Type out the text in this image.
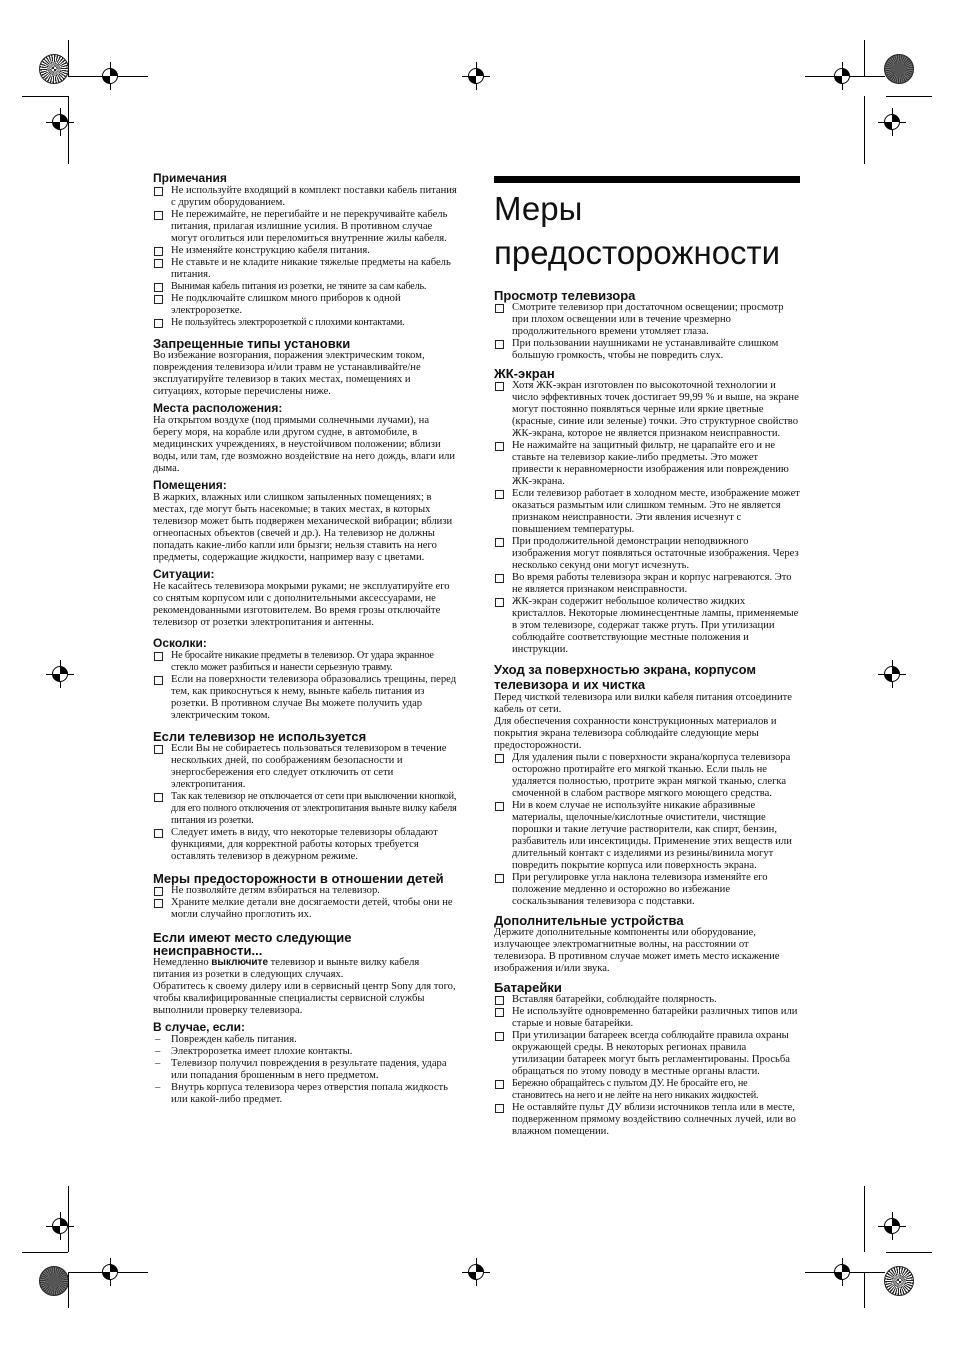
Примечания
Не используйте входящий в комплект поставки кабель питания с другим оборудованием.
Не пережимайте, не перегибайте и не перекручивайте кабель питания, прилагая излишние усилия. В противном случае могут оголиться или переломиться внутренние жилы кабеля.
Не изменяйте конструкцию кабеля питания.
Не ставьте и не кладите никакие тяжелые предметы на кабель питания.
Вынимая кабель питания из розетки, не тяните за сам кабель.
Не подключайте слишком много приборов к одной электророзетке.
Не пользуйтесь электророзеткой с плохими контактами.
Запрещенные типы установки

Во избежание возгорания, поражения электрическим током, повреждения телевизора и/или травм не устанавливайте/не эксплуатируйте телевизор в таких местах, помещениях и ситуациях, которые перечислены ниже.

Места расположения:

На открытом воздухе (под прямыми солнечными лучами), на берегу моря, на корабле или другом судне, в автомобиле, в медицинских учреждениях, в неустойчивом положении; вблизи воды, или там, где возможно воздействие на него дождь, влаги или дыма.

Помещения:

В жарких, влажных или слишком запыленных помещениях; в местах, где могут быть насекомые; в таких местах, в которых телевизор может быть подвержен механической вибрации; вблизи огнеопасных объектов (свечей и др.). На телевизор не должны попадать какие-либо капли или брызги; нельзя ставить на него предметы, содержащие жидкости, например вазу с цветами.

Ситуации:

Не касайтесь телевизора мокрыми руками; не эксплуатируйте его со снятым корпусом или с дополнительными аксессуарами, не рекомендованными изготовителем. Во время грозы отключайте телевизор от розетки электропитания и антенны.

Осколки:
Не бросайте никакие предметы в телевизор. От удара экранное стекло может разбиться и нанести серьезную травму.
Если на поверхности телевизора образовались трещины, перед тем, как прикоснуться к нему, выньте кабель питания из розетки. В противном случае Вы можете получить удар электрическим током.
Если телевизор не используется
Если Вы не собираетесь пользоваться телевизором в течение нескольких дней, по соображениям безопасности и энергосбережения его следует отключить от сети электропитания.
Так как телевизор не отключается от сети при выключении кнопкой, для его полного отключения от электропитания выньте вилку кабеля питания из розетки.
Следует иметь в виду, что некоторые телевизоры обладают функциями, для корректной работы которых требуется оставлять телевизор в дежурном режиме.
Меры предосторожности в отношении детей
Не позволяйте детям взбираться на телевизор.
Храните мелкие детали вне досягаемости детей, чтобы они не могли случайно проглотить их.
Если имеют место следующие неисправности...

Немедленно выключите телевизор и выньте вилку кабеля питания из розетки в следующих случаях.

Обратитесь к своему дилеру или в сервисный центр Sony для того, чтобы квалифицированные специалисты сервисной службы выполнили проверку телевизора.

В случае, если:
– Поврежден кабель питания.
– Электророзетка имеет плохие контакты.
– Телевизор получил повреждения в результате падения, удара или попадания брошенным в него предметом.
– Внутрь корпуса телевизора через отверстия попала жидкость или какой-либо предмет.
Меры предосторожности
Просмотр телевизора
Смотрите телевизор при достаточном освещении; просмотр при плохом освещении или в течение чрезмерно продолжительного времени утомляет глаза.
При пользовании наушниками не устанавливайте слишком большую громкость, чтобы не повредить слух.
ЖК-экран
Хотя ЖК-экран изготовлен по высокоточной технологии и число эффективных точек достигает 99,99 % и выше, на экране могут постоянно появляться черные или яркие цветные (красные, синие или зеленые) точки. Это структурное свойство ЖК-экрана, которое не является признаком неисправности.
Не нажимайте на защитный фильтр, не царапайте его и не ставьте на телевизор какие-либо предметы. Это может привести к неравномерности изображения или повреждению ЖК-экрана.
Если телевизор работает в холодном месте, изображение может оказаться размытым или слишком темным. Это не является признаком неисправности. Эти явления исчезнут с повышением температуры.
При продолжительной демонстрации неподвижного изображения могут появляться остаточные изображения. Через несколько секунд они могут исчезнуть.
Во время работы телевизора экран и корпус нагреваются. Это не является признаком неисправности.
ЖК-экран содержит небольшое количество жидких кристаллов. Некоторые люминесцентные лампы, применяемые в этом телевизоре, содержат также ртуть. При утилизации соблюдайте соответствующие местные положения и инструкции.
Уход за поверхностью экрана, корпусом телевизора и их чистка

Перед чисткой телевизора или вилки кабеля питания отсоедините кабель от сети.

Для обеспечения сохранности конструкционных материалов и покрытия экрана телевизора соблюдайте следующие меры предосторожности.

Для удаления пыли с поверхности экрана/корпуса телевизора осторожно протирайте его мягкой тканью. Если пыль не удаляется полностью, протрите экран мягкой тканью, слегка смоченной в слабом растворе мягкого моющего средства.
Ни в коем случае не используйте никакие абразивные материалы, щелочные/кислотные очистители, чистящие порошки и такие летучие растворители, как спирт, бензин, разбавитель или инсектициды. Применение этих веществ или длительный контакт с изделиями из резины/винила могут повредить покрытие корпуса или поверхность экрана.
При регулировке угла наклона телевизора изменяйте его положение медленно и осторожно во избежание соскальзывания телевизора с подставки.
Дополнительные устройства

Держите дополнительные компоненты или оборудование, излучающее электромагнитные волны, на расстоянии от телевизора. В противном случае может иметь место искажение изображения и/или звука.

Батарейки
Вставляя батарейки, соблюдайте полярность.
Не используйте одновременно батарейки различных типов или старые и новые батарейки.
При утилизации батареек всегда соблюдайте правила охраны окружающей среды. В некоторых регионах правила утилизации батареек могут быть регламентированы. Просьба обращаться по этому поводу в местные органы власти.
Бережно обращайтесь с пультом ДУ. Не бросайте его, не становитесь на него и не лейте на него никаких жидкостей.
Не оставляйте пульт ДУ вблизи источников тепла или в месте, подверженном прямому воздействию солнечных лучей, или во влажном помещении.
